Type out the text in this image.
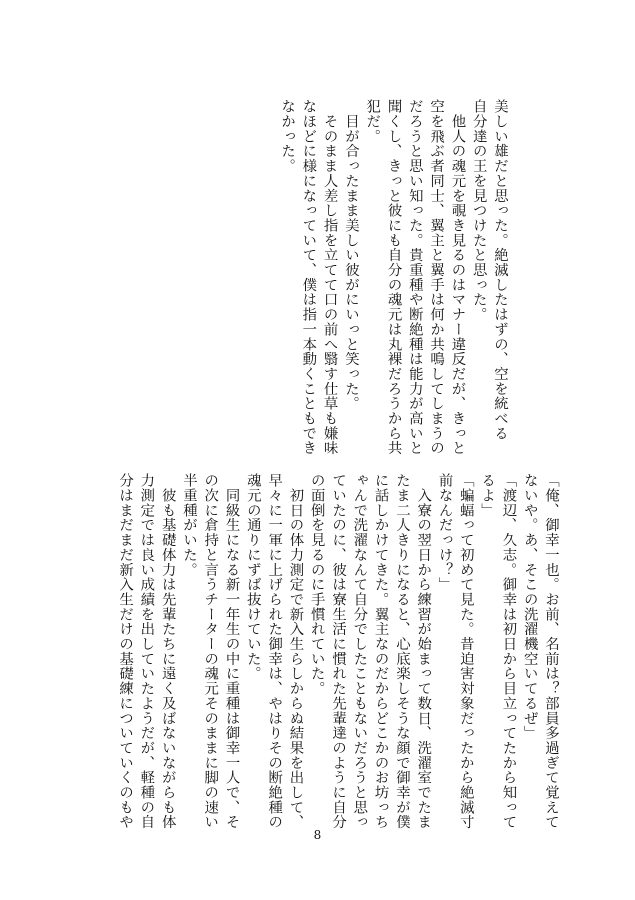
美しい雄だと思った。絶滅したはずの、空を統べる
自分達の王を見つけたと思った。
　他人の魂元を覗き見るのはマナー違反だが、きっと
空を飛ぶ者同士、翼主と翼手は何か共鳴してしまうの
だろうと思い知った。貴重種や断絶種は能力が高いと
聞くし、きっと彼にも自分の魂元は丸裸だろうから共
犯だ。
　目が合ったまま美しい彼がにいっと笑った。
　そのまま人差し指を立てて口の前へ翳す仕草も嫌味
なほどに様になっていて、僕は指一本動くこともでき
なかった。
「俺、御幸一也。お前、名前は？部員多過ぎて覚えて
ないや。あ、そこの洗濯機空いてるぜ」
「渡辺、久志。御幸は初日から目立ってたから知って
るよ」
「蝙蝠って初めて見た。昔迫害対象だったから絶滅寸
前なんだっけ？」
　入寮の翌日から練習が始まって数日、洗濯室でたま
たま二人きりになると、心底楽しそうな顔で御幸が僕
に話しかけてきた。翼主なのだからどこかのお坊っち
ゃんで洗濯なんて自分でしたこともないだろうと思っ
ていたのに、彼は寮生活に慣れた先輩達のように自分
の面倒を見るのに手慣れていた。
　初日の体力測定で新入生らしからぬ結果を出して、
早々に一軍に上げられた御幸は、やはりその断絶種の
魂元の通りにずば抜けていた。
　同級生になる新一年生の中に重種は御幸一人で、そ
の次に倉持と言うチーターの魂元そのままに脚の速い
半重種がいた。
　彼も基礎体力は先輩たちに遠く及ばないながらも体
力測定では良い成績を出していたようだが、軽種の自
分はまだまだ新入生だけの基礎練についていくのもや
8
